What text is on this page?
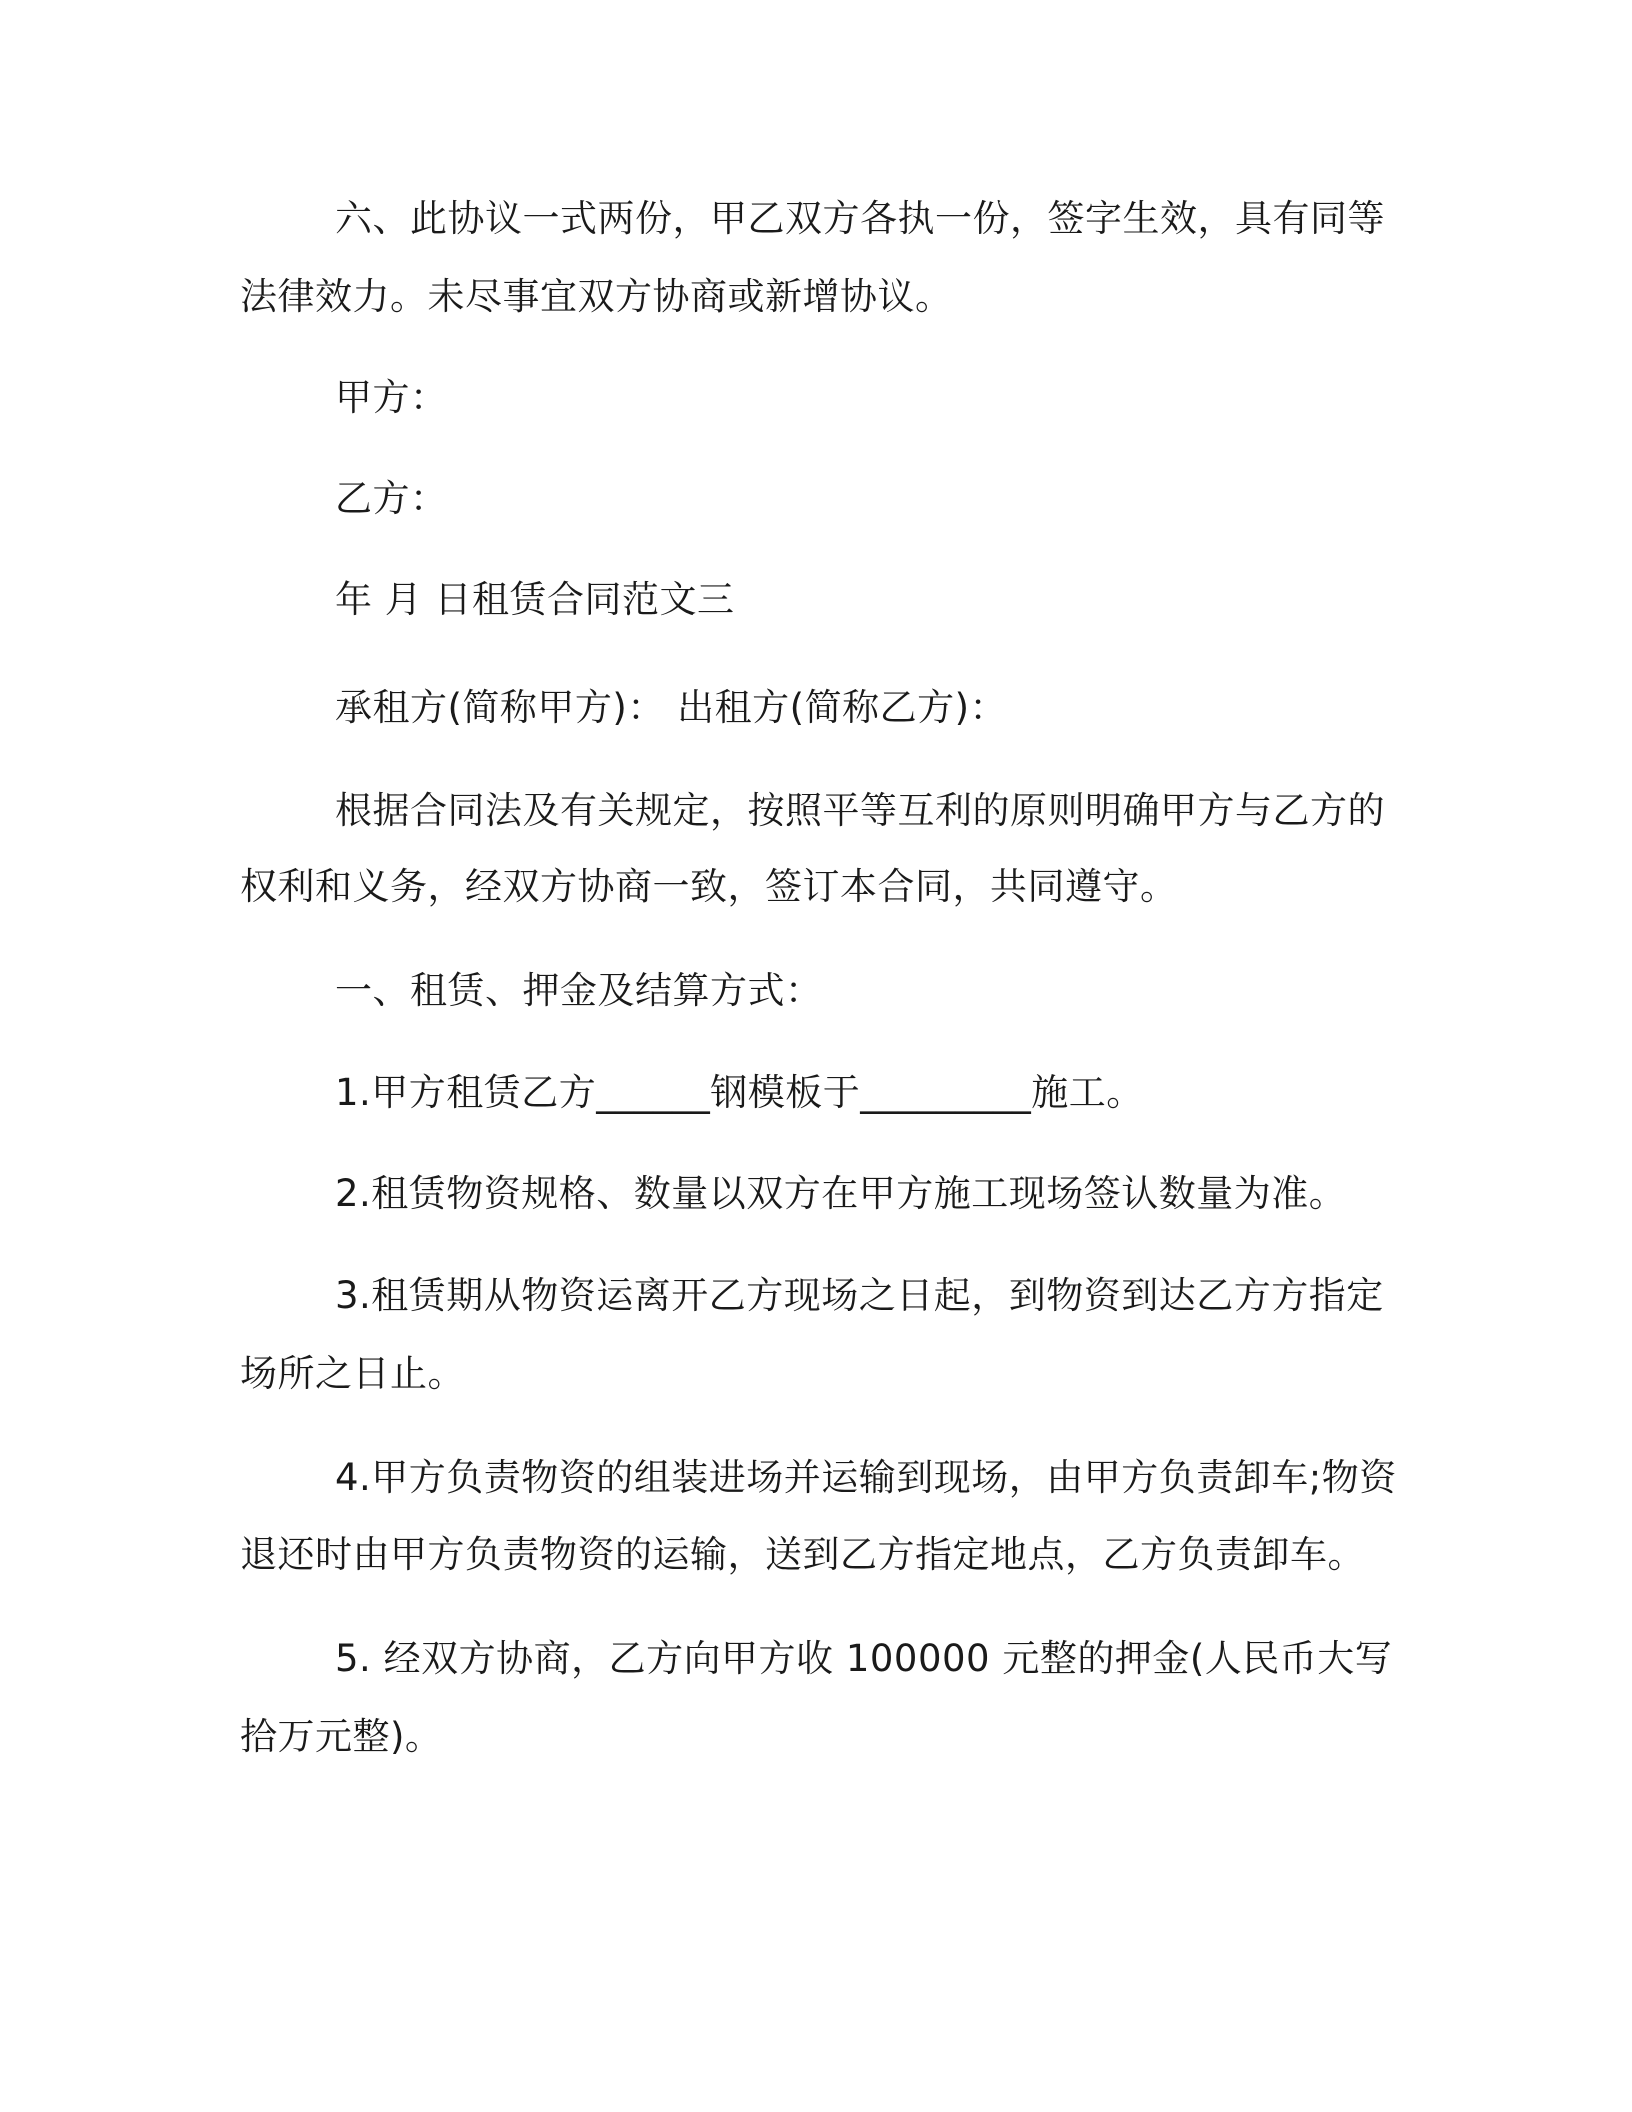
六、此协议一式两份，甲乙双方各执一份，签字生效，具有同等
法律效力。未尽事宜双方协商或新增协议。
甲方：
乙方：
年 月 日租赁合同范文三
承租方(简称甲方)： 出租方(简称乙方)：
根据合同法及有关规定，按照平等互利的原则明确甲方与乙方的
权利和义务，经双方协商一致，签订本合同，共同遵守。
一、租赁、押金及结算方式：
1.甲方租赁乙方______钢模板于_________施工。
2.租赁物资规格、数量以双方在甲方施工现场签认数量为准。
3.租赁期从物资运离开乙方现场之日起，到物资到达乙方方指定
场所之日止。
4.甲方负责物资的组装进场并运输到现场，由甲方负责卸车;物资
退还时由甲方负责物资的运输，送到乙方指定地点，乙方负责卸车。
5. 经双方协商，乙方向甲方收 100000 元整的押金(人民币大写
拾万元整)。
